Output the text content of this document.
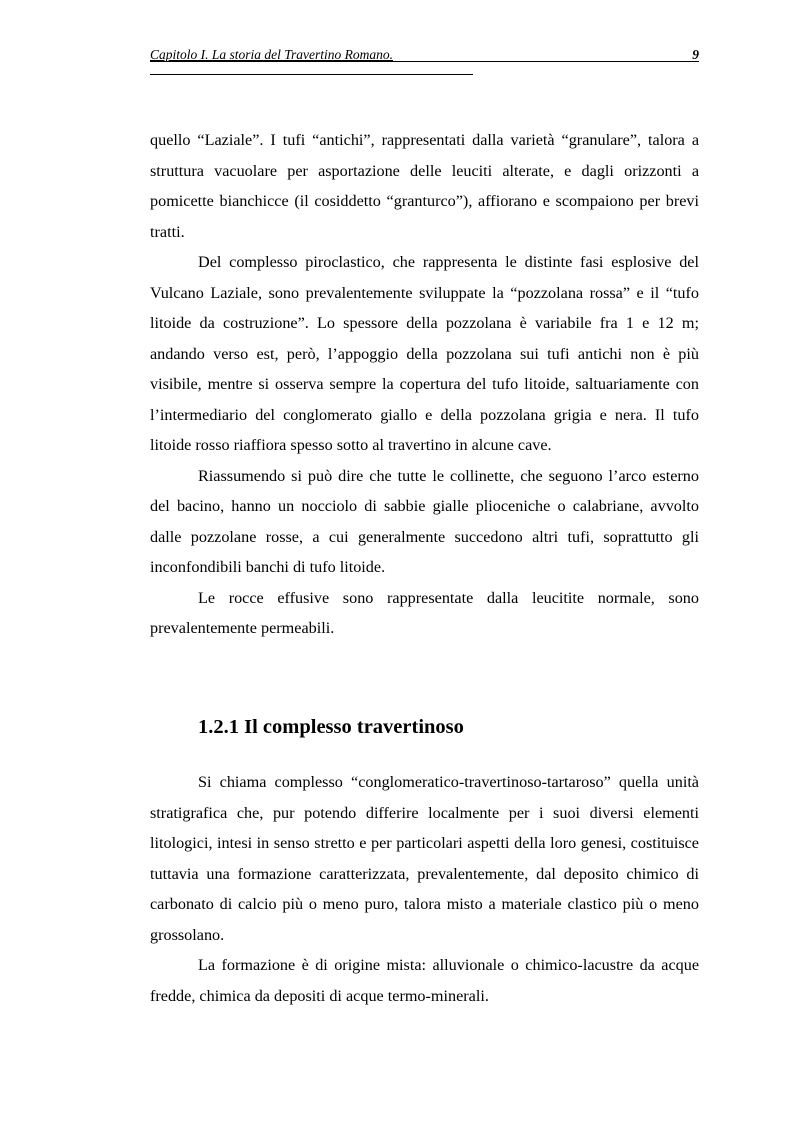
Capitolo I. La storia del Travertino Romano.	9

quello “Laziale”. I tufi “antichi”, rappresentati dalla varietà “granulare”, talora a struttura vacuolare per asportazione delle leuciti alterate, e dagli orizzonti a pomicette bianchicce (il cosiddetto “granturco”), affiorano e scompaiono per brevi tratti.

Del complesso piroclastico, che rappresenta le distinte fasi esplosive del Vulcano Laziale, sono prevalentemente sviluppate la “pozzolana rossa” e il “tufo litoide da costruzione”. Lo spessore della pozzolana è variabile fra 1 e 12 m; andando verso est, però, l’appoggio della pozzolana sui tufi antichi non è più visibile, mentre si osserva sempre la copertura del tufo litoide, saltuariamente con l’intermediario del conglomerato giallo e della pozzolana grigia e nera. Il tufo litoide rosso riaffiora spesso sotto al travertino in alcune cave.

Riassumendo si può dire che tutte le collinette, che seguono l’arco esterno del bacino, hanno un nocciolo di sabbie gialle plioceniche o calabriane, avvolto dalle pozzolane rosse, a cui generalmente succedono altri tufi, soprattutto gli inconfondibili banchi di tufo litoide.

Le rocce effusive sono rappresentate dalla leucitite normale, sono prevalentemente permeabili.

1.2.1 Il complesso travertinoso

Si chiama complesso “conglomeratico-travertinoso-tartaroso” quella unità stratigrafica che, pur potendo differire localmente per i suoi diversi elementi litologici, intesi in senso stretto e per particolari aspetti della loro genesi, costituisce tuttavia una formazione caratterizzata, prevalentemente, dal deposito chimico di carbonato di calcio più o meno puro, talora misto a materiale clastico più o meno grossolano.

La formazione è di origine mista: alluvionale o chimico-lacustre da acque fredde, chimica da depositi di acque termo-minerali.
